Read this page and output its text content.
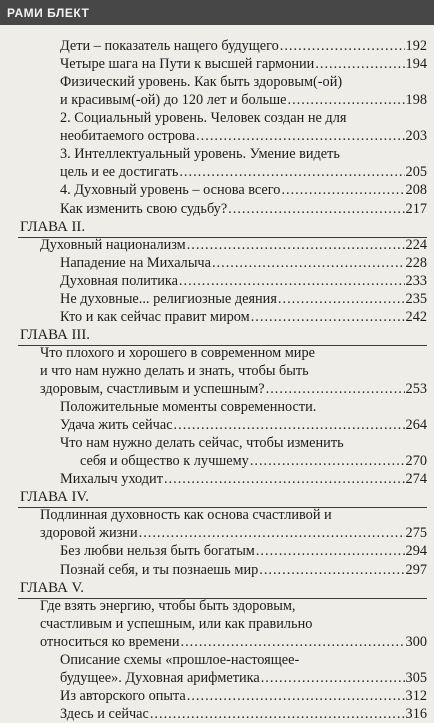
РАМИ БЛЕКТ
Дети – показатель нащего будущего .....	192
Четыре шага на Пути к высшей гармонии .....	194
Физический уровень. Как быть здоровым(-ой)
и красивым(-ой) до 120 лет и больше .....	198
2. Социальный уровень. Человек создан не для
необитаемого острова .....	203
3. Интеллектуальный уровень. Умение видеть
цель и ее достигать .....	205
4. Духовный уровень – основа всего .....	208
Как изменить свою судьбу? .....	217
ГЛАВА II.
Духовный национализм .....	224
Нападение на Михалыча .....	228
Духовная политика .....	233
Не духовные... религиозные деяния .....	235
Кто и как сейчас правит миром .....	242
ГЛАВА III.
Что плохого и хорошего в современном мире
и что нам нужно делать и знать, чтобы быть
здоровым, счастливым и успешным? .....	253
Положительные моменты современности.
Удача жить сейчас .....	264
Что нам нужно делать сейчас, чтобы изменить
себя и общество к лучшему .....	270
Михалыч уходит .....	274
ГЛАВА IV.
Подлинная духовность как основа счастливой и
здоровой жизни .....	275
Без любви нельзя быть богатым .....	294
Познай себя, и ты познаешь мир .....	297
ГЛАВА V.
Где взять энергию, чтобы быть здоровым,
счастливым и успешным, или как правильно
относиться ко времени .....	300
Описание схемы «прошлое-настоящее-
будущее». Духовная арифметика .....	305
Из авторского опыта .....	312
Здесь и сейчас .....	316
